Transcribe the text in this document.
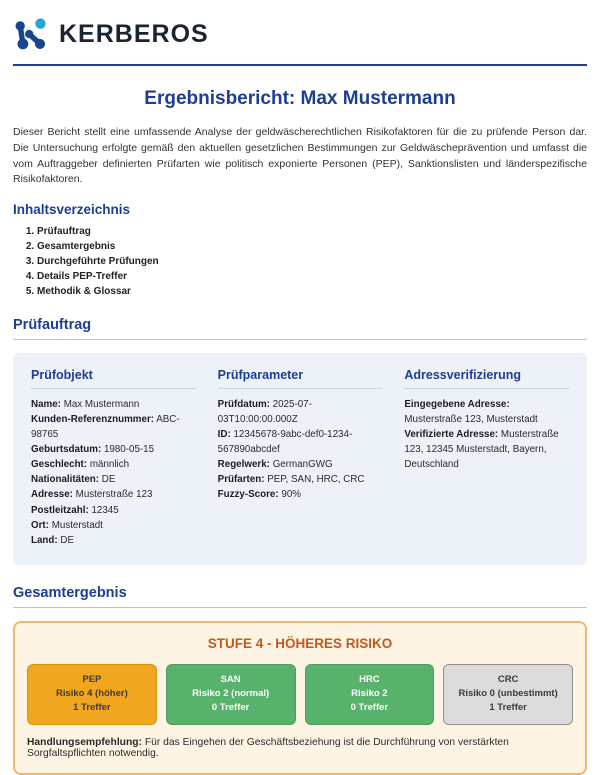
KERBEROS
Ergebnisbericht: Max Mustermann

Dieser Bericht stellt eine umfassende Analyse der geldwäscherechtlichen Risikofaktoren für die zu prüfende Person dar. Die Untersuchung erfolgte gemäß den aktuellen gesetzlichen Bestimmungen zur Geldwäscheprävention und umfasst die vom Auftraggeber definierten Prüfarten wie politisch exponierte Personen (PEP), Sanktionslisten und länderspezifische Risikofaktoren.

Inhaltsverzeichnis
1. Prüfauftrag
2. Gesamtergebnis
3. Durchgeführte Prüfungen
4. Details PEP-Treffer
5. Methodik & Glossar
Prüfauftrag
Prüfobjekt
Name: Max Mustermann
Kunden-Referenznummer: ABC-98765
Geburtsdatum: 1980-05-15
Geschlecht: männlich
Nationalitäten: DE
Adresse: Musterstraße 123
Postleitzahl: 12345
Ort: Musterstadt
Land: DE
Prüfparameter
Prüfdatum: 2025-07-03T10:00:00.000Z
ID: 12345678-9abc-def0-1234-567890abcdef
Regelwerk: GermanGWG
Prüfarten: PEP, SAN, HRC, CRC
Fuzzy-Score: 90%
Adressverifizierung
Eingegebene Adresse: Musterstraße 123, Musterstadt
Verifizierte Adresse: Musterstraße 123, 12345 Musterstadt, Bayern, Deutschland
Gesamtergebnis
STUFE 4 - HÖHERES RISIKO
PEP
Risiko 4 (höher)
1 Treffer
SAN
Risiko 2 (normal)
0 Treffer
HRC
Risiko 2
0 Treffer
CRC
Risiko 0 (unbestimmt)
1 Treffer
Handlungsempfehlung: Für das Eingehen der Geschäftsbeziehung ist die Durchführung von verstärkten Sorgfaltspflichten notwendig.
